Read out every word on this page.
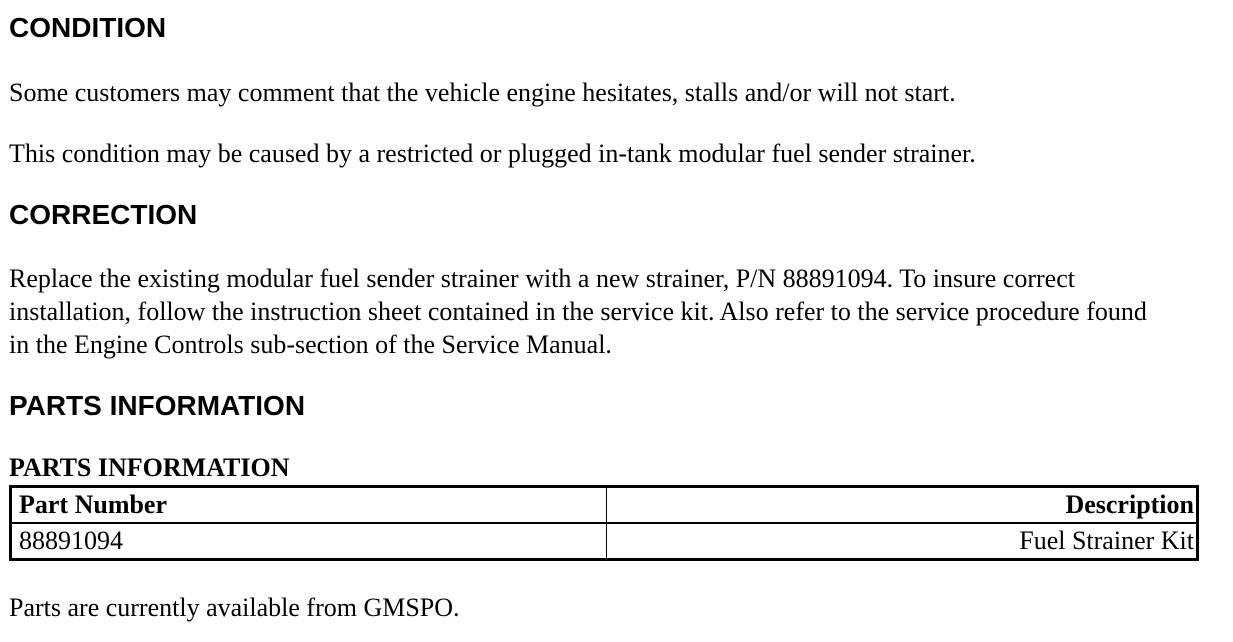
CONDITION

Some customers may comment that the vehicle engine hesitates, stalls and/or will not start.

This condition may be caused by a restricted or plugged in-tank modular fuel sender strainer.

CORRECTION

Replace the existing modular fuel sender strainer with a new strainer, P/N 88891094. To insure correct

installation, follow the instruction sheet contained in the service kit. Also refer to the service procedure found

in the Engine Controls sub-section of the Service Manual.

PARTS INFORMATION
PARTS INFORMATION
Part Number	Description
88891094	Fuel Strainer Kit

Parts are currently available from GMSPO.
